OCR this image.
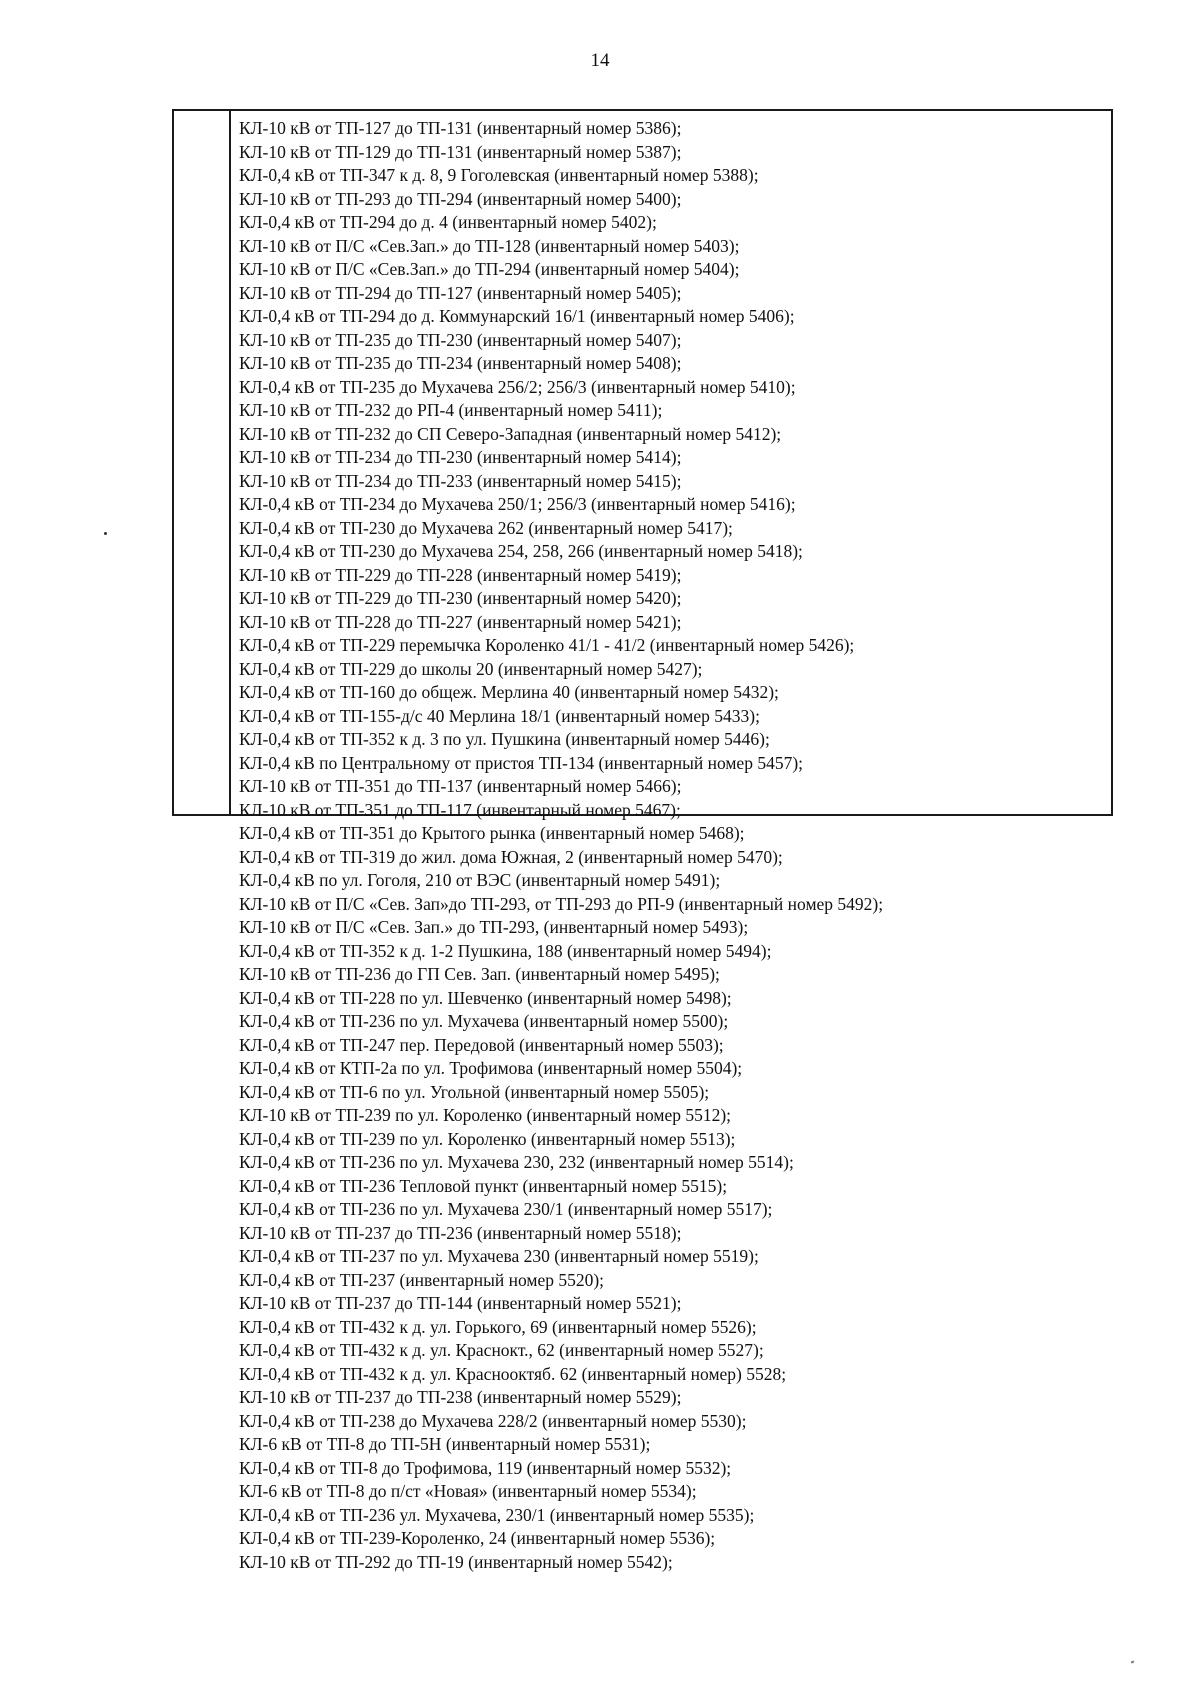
14
КЛ-10 кВ от ТП-127 до ТП-131 (инвентарный номер 5386);
КЛ-10 кВ от ТП-129 до ТП-131 (инвентарный номер 5387);
КЛ-0,4 кВ от ТП-347 к д. 8, 9 Гоголевская (инвентарный номер 5388);
КЛ-10 кВ от ТП-293 до ТП-294 (инвентарный номер 5400);
КЛ-0,4 кВ от ТП-294 до д. 4 (инвентарный номер 5402);
КЛ-10 кВ от П/С «Сев.Зап.» до ТП-128 (инвентарный номер 5403);
КЛ-10 кВ от П/С «Сев.Зап.» до ТП-294 (инвентарный номер 5404);
КЛ-10 кВ от ТП-294 до ТП-127 (инвентарный номер 5405);
КЛ-0,4 кВ от ТП-294 до д. Коммунарский 16/1 (инвентарный номер 5406);
КЛ-10 кВ от ТП-235 до ТП-230 (инвентарный номер 5407);
КЛ-10 кВ от ТП-235 до ТП-234 (инвентарный номер 5408);
КЛ-0,4 кВ от ТП-235 до Мухачева 256/2; 256/3 (инвентарный номер 5410);
КЛ-10 кВ от ТП-232 до РП-4 (инвентарный номер 5411);
КЛ-10 кВ от ТП-232 до СП Северо-Западная (инвентарный номер 5412);
КЛ-10 кВ от ТП-234 до ТП-230 (инвентарный номер 5414);
КЛ-10 кВ от ТП-234 до ТП-233 (инвентарный номер 5415);
КЛ-0,4 кВ от ТП-234 до Мухачева 250/1; 256/3 (инвентарный номер 5416);
КЛ-0,4 кВ от ТП-230 до Мухачева 262 (инвентарный номер 5417);
КЛ-0,4 кВ от ТП-230 до Мухачева 254, 258, 266 (инвентарный номер 5418);
КЛ-10 кВ от ТП-229 до ТП-228 (инвентарный номер 5419);
КЛ-10 кВ от ТП-229 до ТП-230 (инвентарный номер 5420);
КЛ-10 кВ от ТП-228 до ТП-227 (инвентарный номер 5421);
КЛ-0,4 кВ от ТП-229 перемычка Короленко 41/1 - 41/2 (инвентарный номер 5426);
КЛ-0,4 кВ от ТП-229 до школы 20 (инвентарный номер 5427);
КЛ-0,4 кВ от ТП-160 до общеж. Мерлина 40 (инвентарный номер 5432);
КЛ-0,4 кВ от ТП-155-д/с 40 Мерлина 18/1 (инвентарный номер 5433);
КЛ-0,4 кВ от ТП-352 к д. 3 по ул. Пушкина (инвентарный номер 5446);
КЛ-0,4 кВ по Центральному от пристоя ТП-134 (инвентарный номер 5457);
КЛ-10 кВ от ТП-351 до ТП-137 (инвентарный номер 5466);
КЛ-10 кВ от ТП-351 до ТП-117 (инвентарный номер 5467);
КЛ-0,4 кВ от ТП-351 до Крытого рынка (инвентарный номер 5468);
КЛ-0,4 кВ от ТП-319 до жил. дома Южная, 2 (инвентарный номер 5470);
КЛ-0,4 кВ по ул. Гоголя, 210 от ВЭС (инвентарный номер 5491);
КЛ-10 кВ от П/С «Сев. Зап»до ТП-293, от ТП-293 до РП-9 (инвентарный номер 5492);
КЛ-10 кВ от П/С «Сев. Зап.» до ТП-293, (инвентарный номер 5493);
КЛ-0,4 кВ от ТП-352 к д. 1-2 Пушкина, 188 (инвентарный номер 5494);
КЛ-10 кВ от ТП-236 до ГП Сев. Зап. (инвентарный номер 5495);
КЛ-0,4 кВ от ТП-228 по ул. Шевченко (инвентарный номер 5498);
КЛ-0,4 кВ от ТП-236 по ул. Мухачева (инвентарный номер 5500);
КЛ-0,4 кВ от ТП-247 пер. Передовой (инвентарный номер 5503);
КЛ-0,4 кВ от КТП-2а по ул. Трофимова (инвентарный номер 5504);
КЛ-0,4 кВ от ТП-6 по ул. Угольной (инвентарный номер 5505);
КЛ-10 кВ от ТП-239 по ул. Короленко (инвентарный номер 5512);
КЛ-0,4 кВ от ТП-239 по ул. Короленко (инвентарный номер 5513);
КЛ-0,4 кВ от ТП-236 по ул. Мухачева 230, 232 (инвентарный номер 5514);
КЛ-0,4 кВ от ТП-236 Тепловой пункт (инвентарный номер 5515);
КЛ-0,4 кВ от ТП-236 по ул. Мухачева 230/1 (инвентарный номер 5517);
КЛ-10 кВ от ТП-237 до ТП-236 (инвентарный номер 5518);
КЛ-0,4 кВ от ТП-237 по ул. Мухачева 230 (инвентарный номер 5519);
КЛ-0,4 кВ от ТП-237 (инвентарный номер 5520);
КЛ-10 кВ от ТП-237 до ТП-144 (инвентарный номер 5521);
КЛ-0,4 кВ от ТП-432 к д. ул. Горького, 69 (инвентарный номер 5526);
КЛ-0,4 кВ от ТП-432 к д. ул. Краснокт., 62 (инвентарный номер 5527);
КЛ-0,4 кВ от ТП-432 к д. ул. Краснооктяб. 62 (инвентарный номер) 5528;
КЛ-10 кВ от ТП-237 до ТП-238 (инвентарный номер 5529);
КЛ-0,4 кВ от ТП-238 до Мухачева 228/2 (инвентарный номер 5530);
КЛ-6 кВ от ТП-8 до ТП-5Н (инвентарный номер 5531);
КЛ-0,4 кВ от ТП-8 до Трофимова, 119 (инвентарный номер 5532);
КЛ-6 кВ от ТП-8 до п/ст «Новая» (инвентарный номер 5534);
КЛ-0,4 кВ от ТП-236 ул. Мухачева, 230/1 (инвентарный номер 5535);
КЛ-0,4 кВ от ТП-239-Короленко, 24 (инвентарный номер 5536);
КЛ-10 кВ от ТП-292 до ТП-19 (инвентарный номер 5542);
